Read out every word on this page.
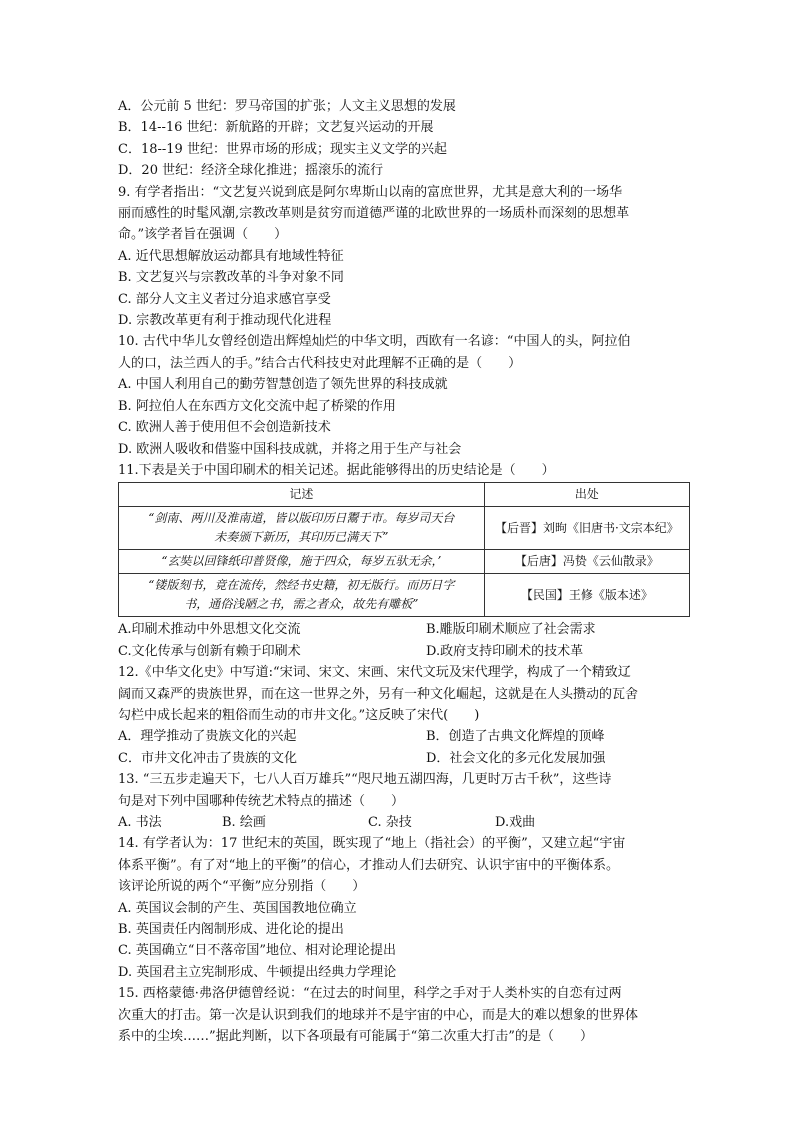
A．公元前 5 世纪：罗马帝国的扩张；人文主义思想的发展
B．14--16 世纪：新航路的开辟；文艺复兴运动的开展
C．18--19 世纪：世界市场的形成；现实主义文学的兴起
D．20 世纪：经济全球化推进；摇滚乐的流行
9. 有学者指出：“文艺复兴说到底是阿尔卑斯山以南的富庶世界，尤其是意大利的一场华
丽而感性的时髦风潮,宗教改革则是贫穷而道德严谨的北欧世界的一场质朴而深刻的思想革
命。”该学者旨在强调（　　）
A. 近代思想解放运动都具有地域性特征
B. 文艺复兴与宗教改革的斗争对象不同
C. 部分人文主义者过分追求感官享受
D. 宗教改革更有利于推动现代化进程
10. 古代中华儿女曾经创造出辉煌灿烂的中华文明，西欧有一名谚：“中国人的头，阿拉伯
人的口，法兰西人的手。”结合古代科技史对此理解不正确的是（　　）
A. 中国人利用自己的勤劳智慧创造了领先世界的科技成就
B. 阿拉伯人在东西方文化交流中起了桥梁的作用
C. 欧洲人善于使用但不会创造新技术
D. 欧洲人吸收和借鉴中国科技成就，并将之用于生产与社会
11.下表是关于中国印刷术的相关记述。据此能够得出的历史结论是（　　）
记述	出处

“剑南、两川及淮南道，皆以版印历日鬻于市。每岁司天台
未奏颁下新历，其印历已满天下”	【后晋】刘昫《旧唐书·文宗本纪》

“玄奘以回锋纸印普贤像，施于四众，每岁五驮无余，’	【后唐】冯贽《云仙散录》

“镂版刻书，竟在流传，然经书史籍，初无版行。而历日字
书，通俗浅陋之书，需之者众，故先有雕板”	【民国】王修《版本述》
A.印刷术推动中外思想文化交流	B.雕版印刷术顺应了社会需求
C.文化传承与创新有赖于印刷术	D.政府支持印刷术的技术革
12.《中华文化史》中写道:“宋词、宋文、宋画、宋代文玩及宋代理学，构成了一个精致辽
阔而又森严的贵族世界，而在这一世界之外，另有一种文化崛起，这就是在人头攒动的瓦舍
勾栏中成长起来的粗俗而生动的市井文化。”这反映了宋代(　　)
A．理学推动了贵族文化的兴起	B．创造了古典文化辉煌的顶峰
C．市井文化冲击了贵族的文化	D．社会文化的多元化发展加强
13. “三五步走遍天下，七八人百万雄兵”“咫尺地五湖四海，几更时万古千秋”，这些诗
句是对下列中国哪种传统艺术特点的描述（　　）
A. 书法	B. 绘画	C. 杂技	D.戏曲
14. 有学者认为：17 世纪末的英国，既实现了“地上（指社会）的平衡”，又建立起“宇宙
体系平衡”。有了对“地上的平衡”的信心，才推动人们去研究、认识宇宙中的平衡体系。
该评论所说的两个“平衡”应分别指（　　）
A. 英国议会制的产生、英国国教地位确立
B. 英国责任内阁制形成、进化论的提出
C. 英国确立“日不落帝国”地位、相对论理论提出
D. 英国君主立宪制形成、牛顿提出经典力学理论
15. 西格蒙德·弗洛伊德曾经说：“在过去的时间里，科学之手对于人类朴实的自恋有过两
次重大的打击。第一次是认识到我们的地球并不是宇宙的中心，而是大的难以想象的世界体
系中的尘埃……”据此判断，以下各项最有可能属于“第二次重大打击”的是（　　）
